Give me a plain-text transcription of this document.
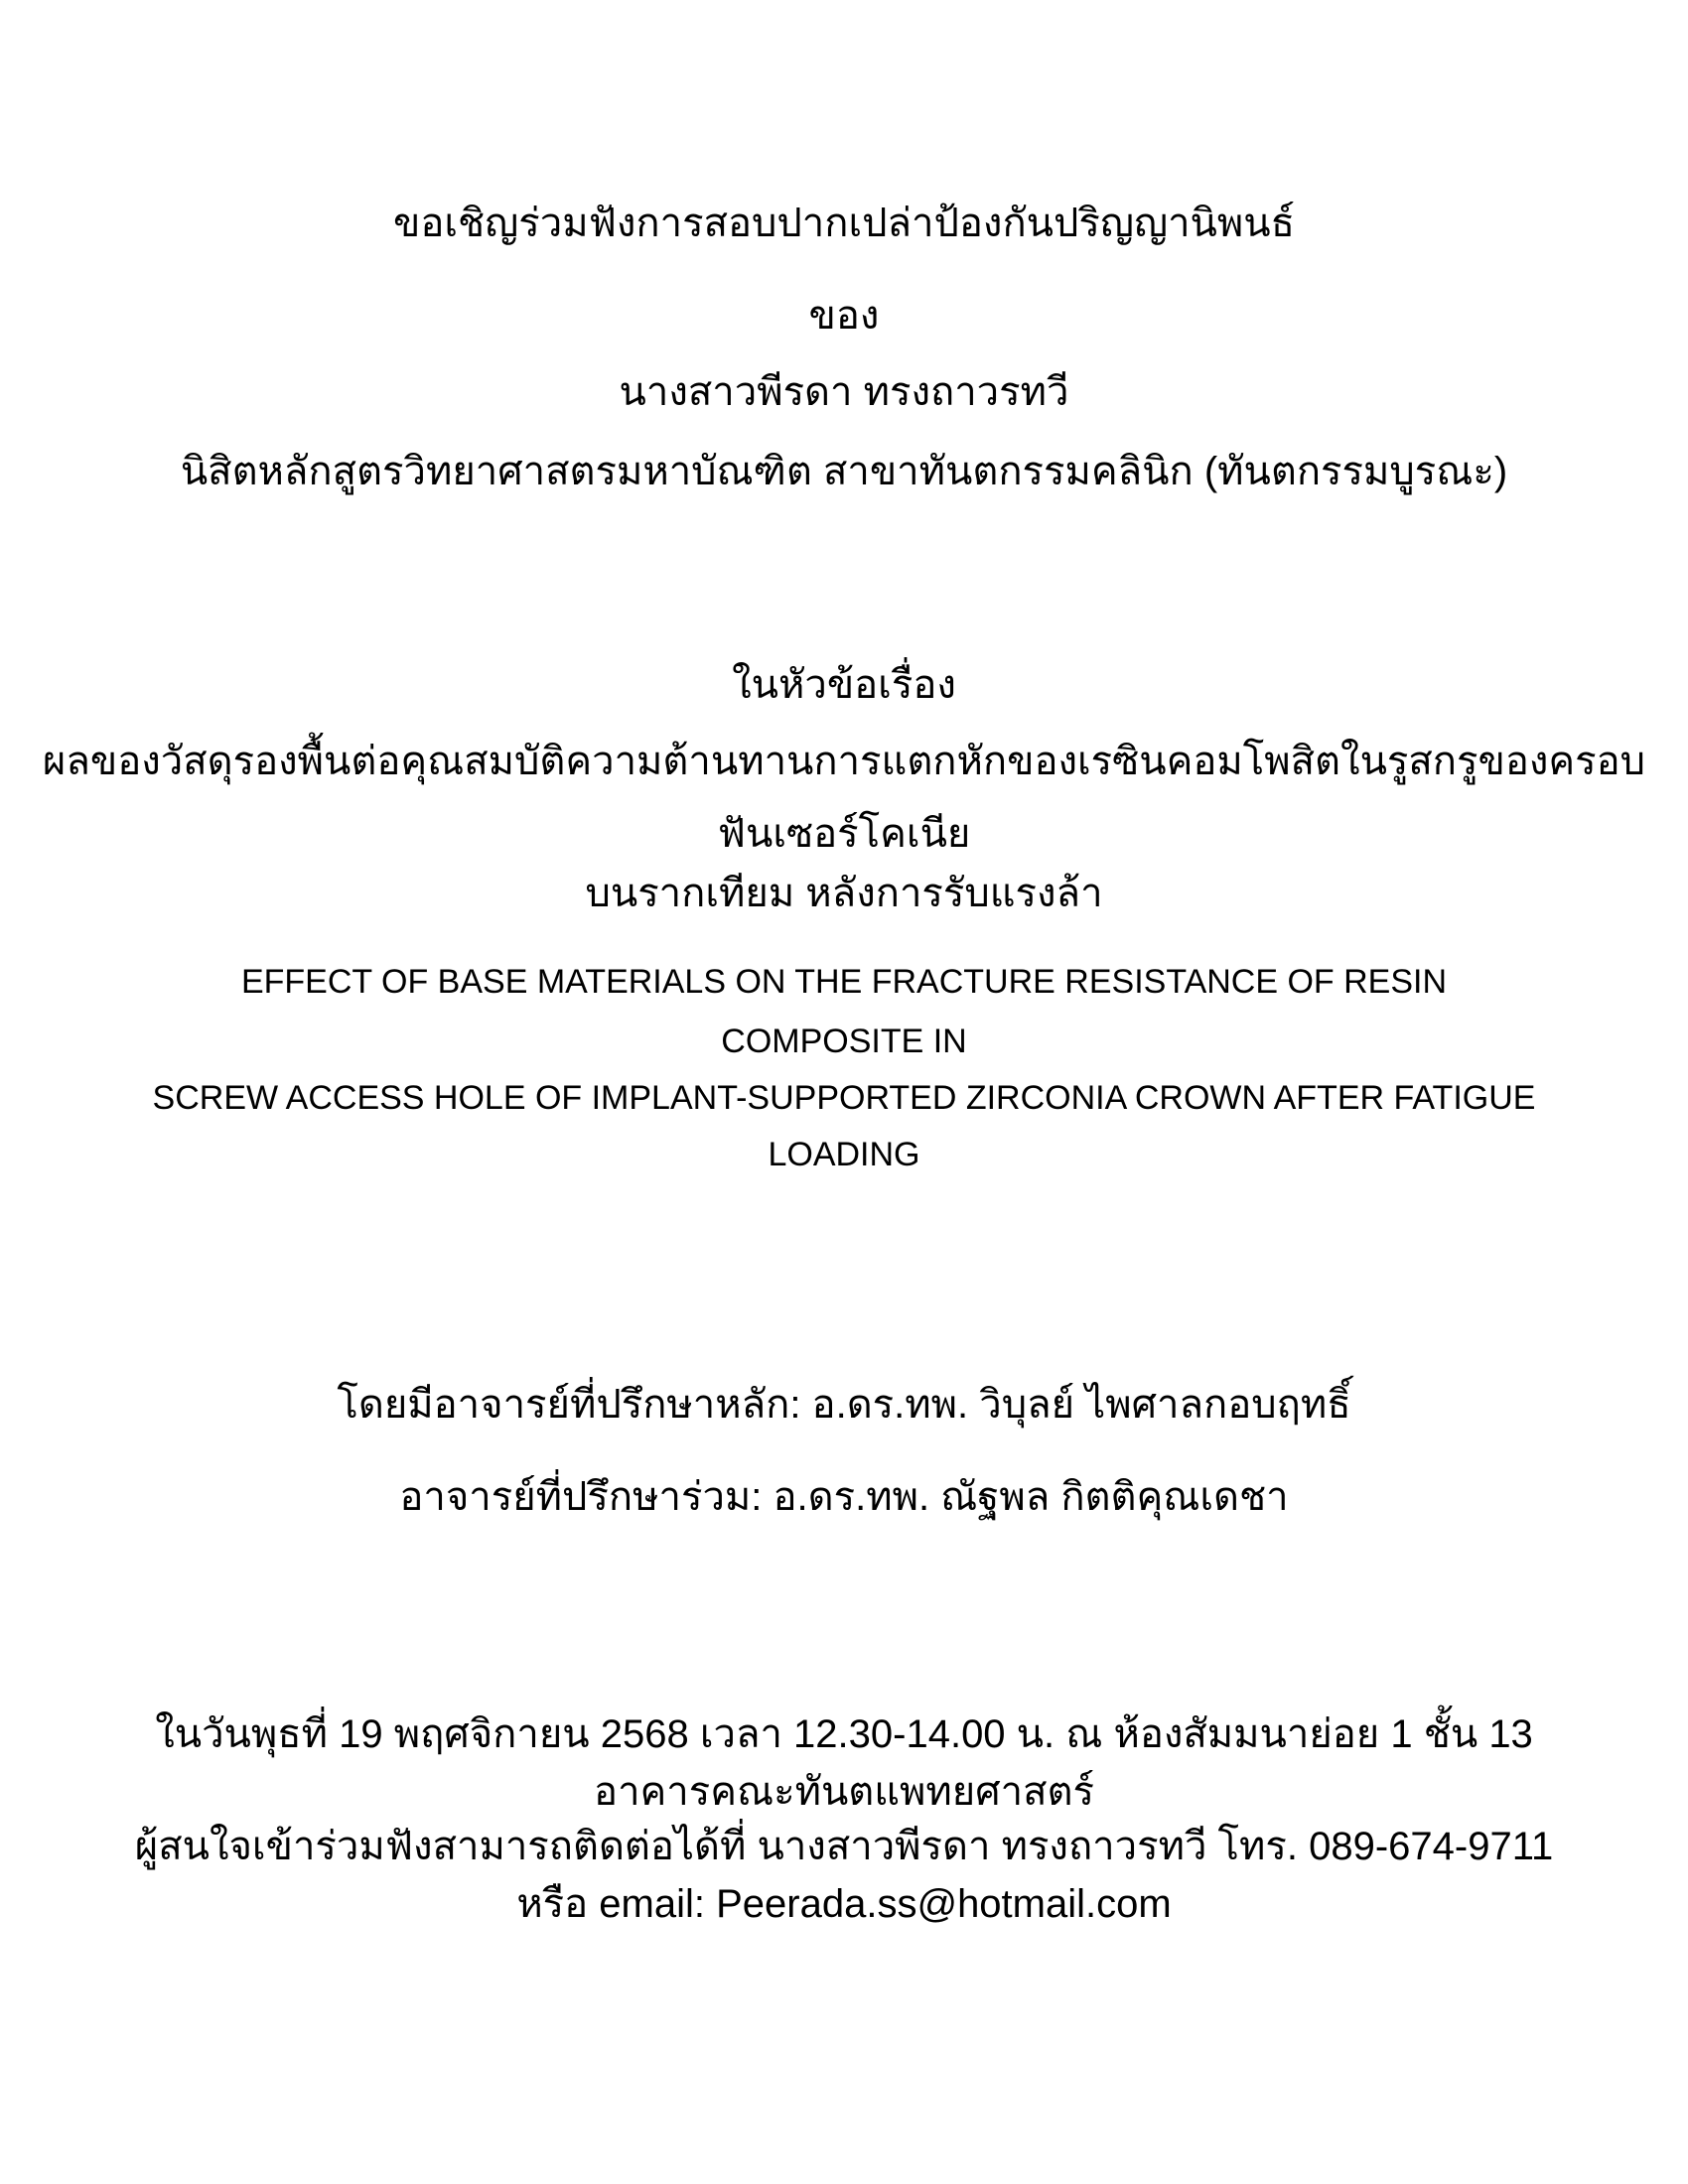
ขอเชิญร่วมฟังการสอบปากเปล่าป้องกันปริญญานิพนธ์
ของ
นางสาวพีรดา ทรงถาวรทวี
นิสิตหลักสูตรวิทยาศาสตรมหาบัณฑิต สาขาทันตกรรมคลินิก (ทันตกรรมบูรณะ)
ในหัวข้อเรื่อง
ผลของวัสดุรองพื้นต่อคุณสมบัติความต้านทานการแตกหักของเรซินคอมโพสิตในรูสกรูของครอบ
ฟันเซอร์โคเนีย
บนรากเทียม หลังการรับแรงล้า
EFFECT OF BASE MATERIALS ON THE FRACTURE RESISTANCE OF RESIN
COMPOSITE IN
SCREW ACCESS HOLE OF IMPLANT-SUPPORTED ZIRCONIA CROWN AFTER FATIGUE
LOADING
โดยมีอาจารย์ที่ปรึกษาหลัก: อ.ดร.ทพ. วิบุลย์ ไพศาลกอบฤทธิ์
อาจารย์ที่ปรึกษาร่วม: อ.ดร.ทพ. ณัฐพล กิตติคุณเดชา
ในวันพุธที่ 19 พฤศจิกายน 2568 เวลา 12.30-14.00 น. ณ ห้องสัมมนาย่อย 1 ชั้น 13
อาคารคณะทันตแพทยศาสตร์
ผู้สนใจเข้าร่วมฟังสามารถติดต่อได้ที่ นางสาวพีรดา ทรงถาวรทวี โทร. 089-674-9711
หรือ email: Peerada.ss@hotmail.com
